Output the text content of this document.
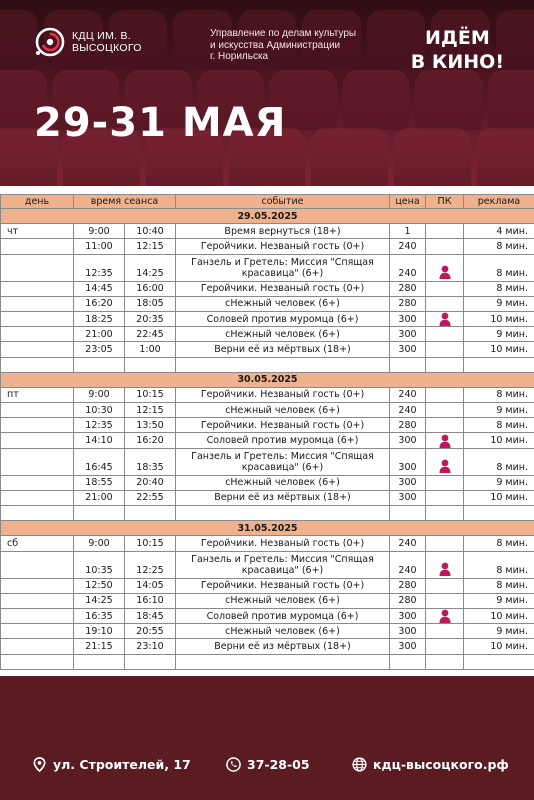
КДЦ ИМ. В.
ВЫСОЦКОГО
Управление по делам культуры
и искусства Администрации
г. Норильска
ИДЁМ
В КИНО!
29-31 МАЯ
день	время сеанса		событие	цена	ПК	реклама
29.05.2025						
чт	9:00	10:40	Время вернуться (18+)	1		4 мин.
	11:00	12:15	Геройчики. Незваный гость (0+)	240		8 мин.
	12:35	14:25	Ганзель и Гретель: Миссия "Спящая красавица" (6+)	240		8 мин.
	14:45	16:00	Геройчики. Незваный гость (0+)	280		8 мин.
	16:20	18:05	сНежный человек (6+)	280		9 мин.
	18:25	20:35	Соловей против муромца (6+)	300		10 мин.
	21:00	22:45	сНежный человек (6+)	300		9 мин.
	23:05	1:00	Верни её из мёртвых (18+)	300		10 мин.

30.05.2025						
пт	9:00	10:15	Геройчики. Незваный гость (0+)	240		8 мин.
	10:30	12:15	сНежный человек (6+)	240		9 мин.
	12:35	13:50	Геройчики. Незваный гость (0+)	280		8 мин.
	14:10	16:20	Соловей против муромца (6+)	300		10 мин.
	16:45	18:35	Ганзель и Гретель: Миссия "Спящая красавица" (6+)	300		8 мин.
	18:55	20:40	сНежный человек (6+)	300		9 мин.
	21:00	22:55	Верни её из мёртвых (18+)	300		10 мин.

31.05.2025						
сб	9:00	10:15	Геройчики. Незваный гость (0+)	240		8 мин.
	10:35	12:25	Ганзель и Гретель: Миссия "Спящая красавица" (6+)	240		8 мин.
	12:50	14:05	Геройчики. Незваный гость (0+)	280		8 мин.
	14:25	16:10	сНежный человек (6+)	280		9 мин.
	16:35	18:45	Соловей против муромца (6+)	300		10 мин.
	19:10	20:55	сНежный человек (6+)	300		9 мин.
	21:15	23:10	Верни её из мёртвых (18+)	300		10 мин.

ул. Строителей, 17	37-28-05	кдц-высоцкого.рф
